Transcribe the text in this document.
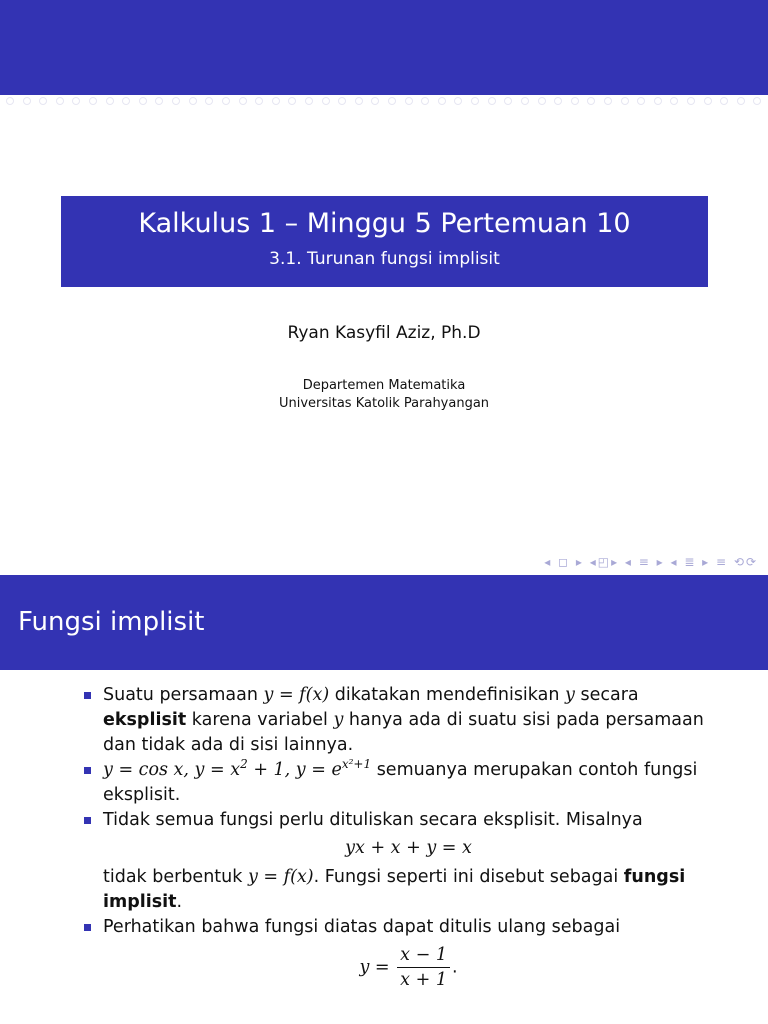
Kalkulus 1 – Minggu 5 Pertemuan 10
3.1. Turunan fungsi implisit
Ryan Kasyfil Aziz, Ph.D
Departemen Matematika
Universitas Katolik Parahyangan
◂ ◻ ▸ ◂◰▸ ◂ ≡ ▸ ◂ ≣ ▸ ≡ ⟲⟳
Fungsi implisit
Suatu persamaan y = f(x) dikatakan mendefinisikan y secara eksplisit karena variabel y hanya ada di suatu sisi pada persamaan dan tidak ada di sisi lainnya.
y = cos x, $y = x^2 + 1$, $y = e^{x^2+1}$ semuanya merupakan contoh fungsi eksplisit.
Tidak semua fungsi perlu dituliskan secara eksplisit. Misalnya
yx + x + y = x
tidak berbentuk y = f(x). Fungsi seperti ini disebut sebagai fungsi implisit.
Perhatikan bahwa fungsi diatas dapat ditulis ulang sebagai
$y = \frac{x - 1}{x + 1}$ .
